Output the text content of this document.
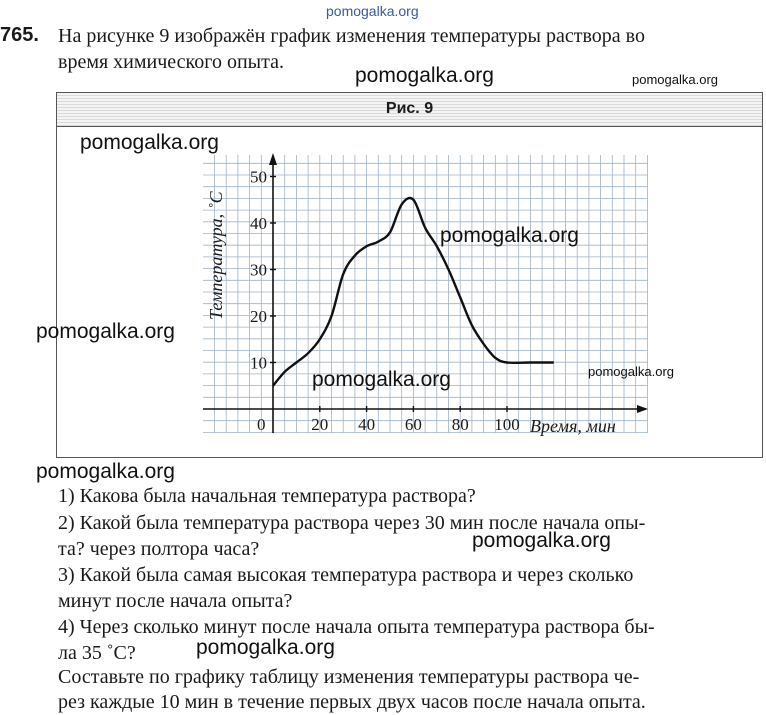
pomogalka.org
pomogalka.org	pomogalka.org
765. На рисунке 9 изображён график изменения температуры раствора во
время химического опыта.
Рис. 9
20 40 60 80 100
10
20
30
40
50
0	Время, мин
Температура, ˚С
pomogalka.org
pomogalka.org
pomogalka.org
pomogalka.org	pomogalka.org
pomogalka.org
1) Какова была начальная температура раствора?
2) Какой была температура раствора через 30 мин после начала опы-
та? через полтора часа?	pomogalka.org
3) Какой была самая высокая температура раствора и через сколько
минут после начала опыта?
4) Через сколько минут после начала опыта температура раствора бы-
ла 35 ˚С?	pomogalka.org
Составьте по графику таблицу изменения температуры раствора че-
рез каждые 10 мин в течение первых двух часов после начала опыта.
